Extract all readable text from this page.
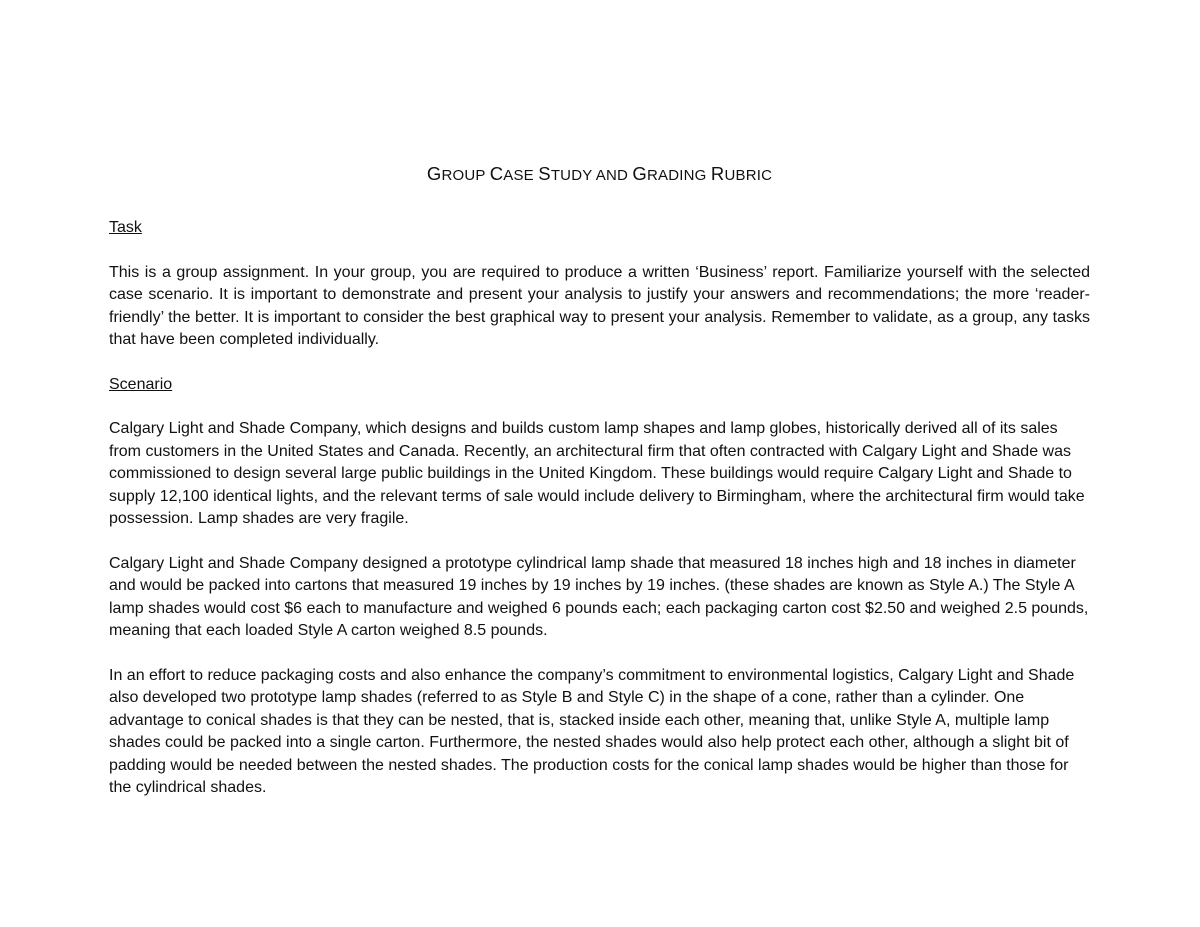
GROUP CASE STUDY AND GRADING RUBRIC
Task
This is a group assignment. In your group, you are required to produce a written ‘Business’ report. Familiarize yourself with the selected case scenario. It is important to demonstrate and present your analysis to justify your answers and recommendations; the more ‘reader-friendly’ the better. It is important to consider the best graphical way to present your analysis. Remember to validate, as a group, any tasks that have been completed individually.
Scenario
Calgary Light and Shade Company, which designs and builds custom lamp shapes and lamp globes, historically derived all of its sales from customers in the United States and Canada. Recently, an architectural firm that often contracted with Calgary Light and Shade was commissioned to design several large public buildings in the United Kingdom. These buildings would require Calgary Light and Shade to supply 12,100 identical lights, and the relevant terms of sale would include delivery to Birmingham, where the architectural firm would take possession. Lamp shades are very fragile.
Calgary Light and Shade Company designed a prototype cylindrical lamp shade that measured 18 inches high and 18 inches in diameter and would be packed into cartons that measured 19 inches by 19 inches by 19 inches. (these shades are known as Style A.) The Style A lamp shades would cost $6 each to manufacture and weighed 6 pounds each; each packaging carton cost $2.50 and weighed 2.5 pounds, meaning that each loaded Style A carton weighed 8.5 pounds.
In an effort to reduce packaging costs and also enhance the company’s commitment to environmental logistics, Calgary Light and Shade also developed two prototype lamp shades (referred to as Style B and Style C) in the shape of a cone, rather than a cylinder. One advantage to conical shades is that they can be nested, that is, stacked inside each other, meaning that, unlike Style A, multiple lamp shades could be packed into a single carton. Furthermore, the nested shades would also help protect each other, although a slight bit of padding would be needed between the nested shades. The production costs for the conical lamp shades would be higher than those for the cylindrical shades.
